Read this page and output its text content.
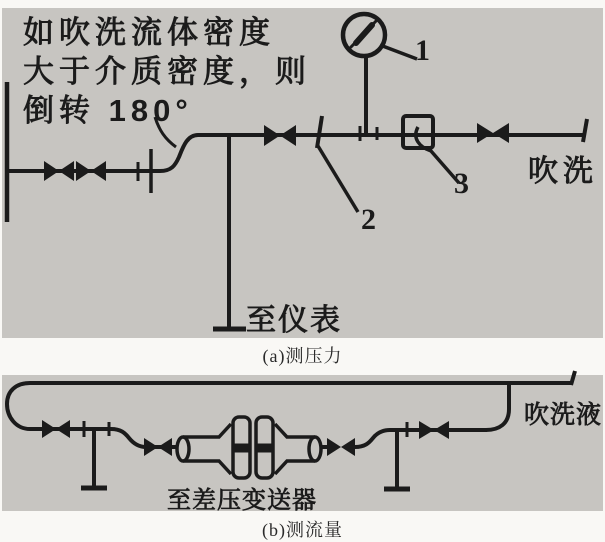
如吹洗流体密度
大于介质密度，则
倒转 180°
1
2
3 吹洗
至仪表
(a)测压力
吹洗液
至差压变送器
(b)测流量
